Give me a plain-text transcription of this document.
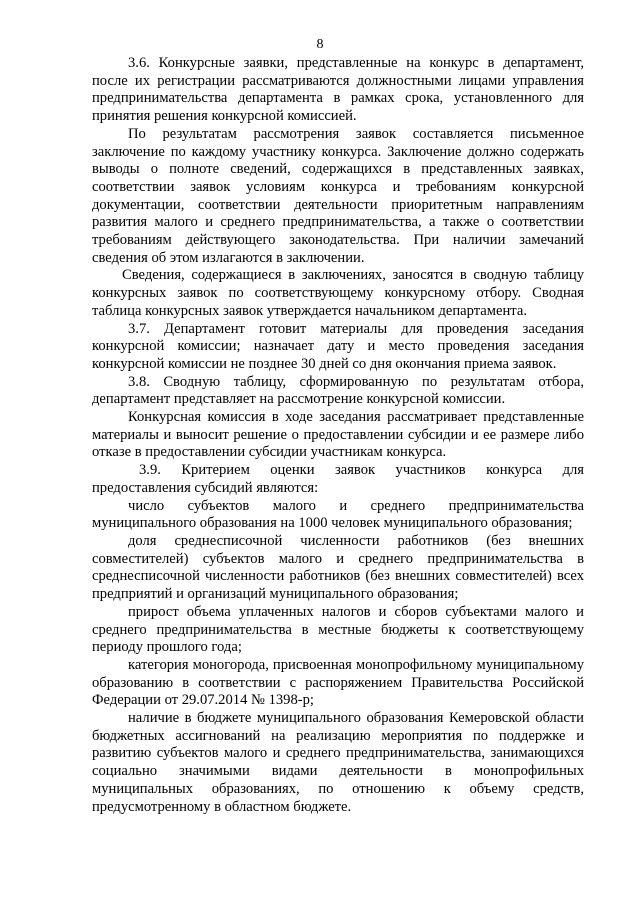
8

3.6. Конкурсные заявки, представленные на конкурс в департамент, после их регистрации рассматриваются должностными лицами управления предпринимательства департамента в рамках срока, установленного для принятия решения конкурсной комиссией.

По результатам рассмотрения заявок составляется письменное заключение по каждому участнику конкурса. Заключение должно содержать выводы о полноте сведений, содержащихся в представленных заявках, соответствии заявок условиям конкурса и требованиям конкурсной документации, соответствии деятельности приоритетным направлениям развития малого и среднего предпринимательства, а также о соответствии требованиям действующего законодательства. При наличии замечаний сведения об этом излагаются в заключении.

Сведения, содержащиеся в заключениях, заносятся в сводную таблицу конкурсных заявок по соответствующему конкурсному отбору. Сводная таблица конкурсных заявок утверждается начальником департамента.

3.7. Департамент готовит материалы для проведения заседания конкурсной комиссии; назначает дату и место проведения заседания конкурсной комиссии не позднее 30 дней со дня окончания приема заявок.

3.8. Сводную таблицу, сформированную по результатам отбора, департамент представляет на рассмотрение конкурсной комиссии.

Конкурсная комиссия в ходе заседания рассматривает представленные материалы и выносит решение о предоставлении субсидии и ее размере либо отказе в предоставлении субсидии участникам конкурса.

3.9. Критерием оценки заявок участников конкурса для предоставления субсидий являются:

число субъектов малого и среднего предпринимательства муниципального образования на 1000 человек муниципального образования;

доля среднесписочной численности работников (без внешних совместителей) субъектов малого и среднего предпринимательства в среднесписочной численности работников (без внешних совместителей) всех предприятий и организаций муниципального образования;

прирост объема уплаченных налогов и сборов субъектами малого и среднего предпринимательства в местные бюджеты к соответствующему периоду прошлого года;

категория моногорода, присвоенная монопрофильному муниципальному образованию в соответствии с распоряжением Правительства Российской Федерации от 29.07.2014 № 1398-р;

наличие в бюджете муниципального образования Кемеровской области бюджетных ассигнований на реализацию мероприятия по поддержке и развитию субъектов малого и среднего предпринимательства, занимающихся социально значимыми видами деятельности в монопрофильных муниципальных образованиях, по отношению к объему средств, предусмотренному в областном бюджете.
